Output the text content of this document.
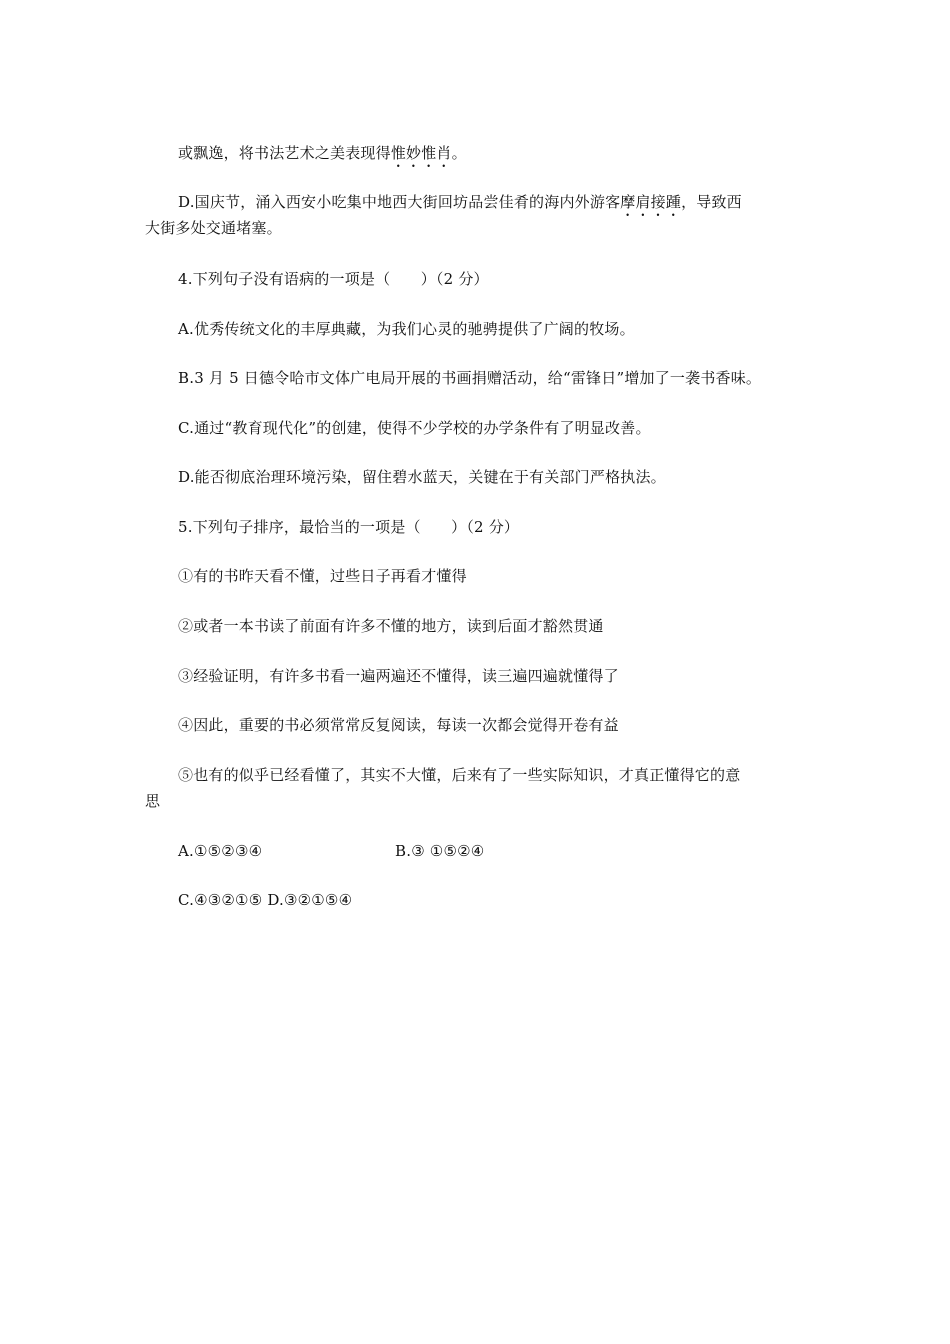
或飘逸，将书法艺术之美表现得惟妙惟肖。
D.国庆节，涌入西安小吃集中地西大街回坊品尝佳肴的海内外游客摩肩接踵，导致西
大街多处交通堵塞。
4.下列句子没有语病的一项是（　　）（2 分）
A.优秀传统文化的丰厚典藏，为我们心灵的驰骋提供了广阔的牧场。
B.3 月 5 日德令哈市文体广电局开展的书画捐赠活动，给“雷锋日”增加了一袭书香味。
C.通过“教育现代化”的创建，使得不少学校的办学条件有了明显改善。
D.能否彻底治理环境污染，留住碧水蓝天，关键在于有关部门严格执法。
5.下列句子排序，最恰当的一项是（　　）（2 分）
①有的书昨天看不懂，过些日子再看才懂得
②或者一本书读了前面有许多不懂的地方，读到后面才豁然贯通
③经验证明，有许多书看一遍两遍还不懂得，读三遍四遍就懂得了
④因此，重要的书必须常常反复阅读，每读一次都会觉得开卷有益
⑤也有的似乎已经看懂了，其实不大懂，后来有了一些实际知识，才真正懂得它的意
思
A.①⑤②③④	B.③ ①⑤②④
C.④③②①⑤ D.③②①⑤④
